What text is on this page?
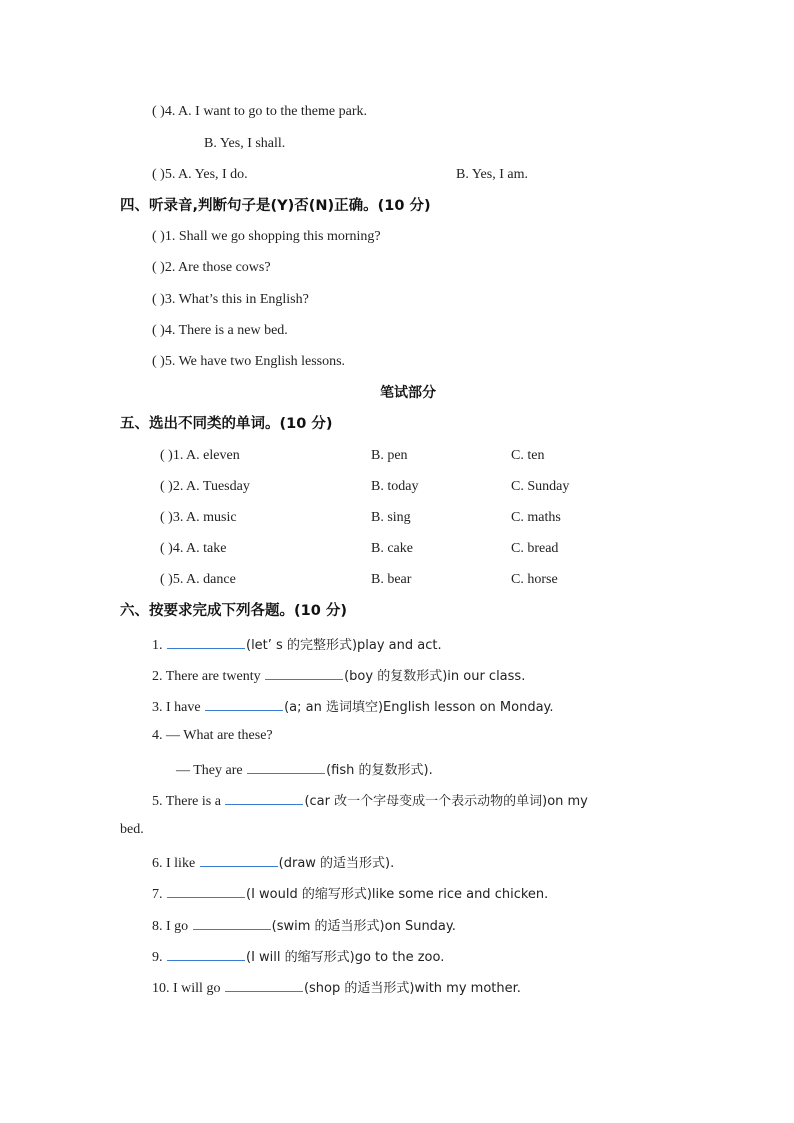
( )4. A. I want to go to the theme park.
B. Yes, I shall.
( )5. A. Yes, I do.	B. Yes, I am.
四、听录音,判断句子是(Y)否(N)正确。(10 分)
( )1. Shall we go shopping this morning?
( )2. Are those cows?
( )3. What’s this in English?
( )4. There is a new bed.
( )5. We have two English lessons.
笔试部分
五、选出不同类的单词。(10 分)
( )1. A. eleven	B. pen	C. ten
( )2. A. Tuesday	B. today	C. Sunday
( )3. A. music	B. sing	C. maths
( )4. A. take	B. cake	C. bread
( )5. A. dance	B. bear	C. horse
六、按要求完成下列各题。(10 分)
1.	(let’ s 的完整形式)play and act.
2. There are twenty	(boy 的复数形式)in our class.
3. I have	(a; an 选词填空)English lesson on Monday.
4. — What are these?
— They are	(fish 的复数形式).
5. There is a	(car 改一个字母变成一个表示动物的单词)on my
bed.
6. I like	(draw 的适当形式).
7.	(I would 的缩写形式)like some rice and chicken.
8. I go	(swim 的适当形式)on Sunday.
9.	(I will 的缩写形式)go to the zoo.
10. I will go	(shop 的适当形式)with my mother.
